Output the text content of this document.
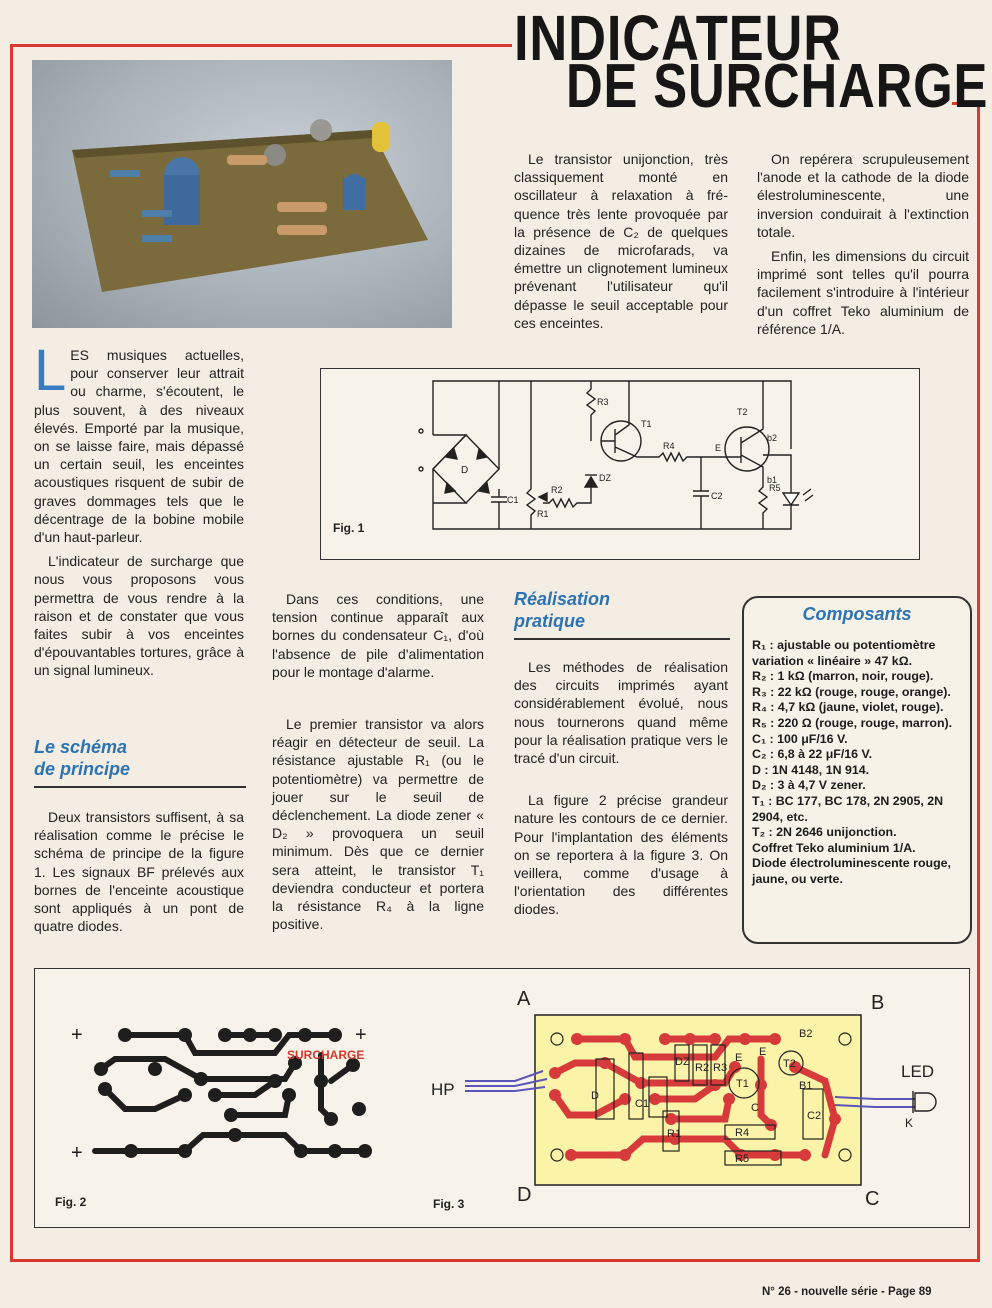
INDICATEUR
DE SURCHARGE
L ES musiques actuelles, pour conserver leur attrait ou charme, s'écoutent, le plus souvent, à des niveaux élevés. Emporté par la musique, on se laisse faire, mais dépassé un certain seuil, les enceintes acoustiques risquent de subir de graves dommages tels que le décentrage de la bobine mobile d'un haut-parleur.

L'indicateur de surcharge que nous vous proposons vous permettra de vous rendre à la raison et de constater que vous faites subir à vos enceintes d'épouvantables tortures, grâce à un signal lumineux.

Le schéma
de principe

Deux transistors suffisent, à sa réalisation comme le précise le schéma de principe de la figure 1. Les signaux BF prélevés aux bornes de l'enceinte acoustique sont appliqués à un pont de quatre diodes.

Le transistor unijonction, très classiquement monté en oscillateur à relaxation à fréquence très lente provoquée par la présence de C₂ de quelques dizaines de microfarads, va émettre un clignotement lumineux prévenant l'utilisateur qu'il dépasse le seuil acceptable pour ces enceintes.

On repérera scrupuleusement l'anode et la cathode de la diode élestroluminescente, une inversion conduirait à l'extinction totale.

Enfin, les dimensions du circuit imprimé sont telles qu'il pourra facilement s'introduire à l'intérieur d'un coffret Teko aluminium de référence 1/A.

D
C1
R1
R2
R3
DZ
T1
R4	E
T2
b2
b1
C2
R5
Fig. 1

Dans ces conditions, une tension continue apparaît aux bornes du condensateur C₁, d'où l'absence de pile d'alimentation pour le montage d'alarme.

Le premier transistor va alors réagir en détecteur de seuil. La résistance ajustable R₁ (ou le potentiomètre) va permettre de jouer sur le seuil de déclenchement. La diode zener « D₂ » provoquera un seuil minimum. Dès que ce dernier sera atteint, le transistor T₁ deviendra conducteur et portera la résistance R₄ à la ligne positive.

Réalisation
pratique

Les méthodes de réalisation des circuits imprimés ayant considérablement évolué, nous nous tournerons quand même pour la réalisation pratique vers le tracé d'un circuit.

La figure 2 précise grandeur nature les contours de ce dernier. Pour l'implantation des éléments on se reportera à la figure 3. On veillera, comme d'usage à l'orientation des différentes diodes.

Composants
R₁ : ajustable ou potentiomètre variation « linéaire » 47 kΩ.
R₂ : 1 kΩ (marron, noir, rouge).
R₃ : 22 kΩ (rouge, rouge, orange).
R₄ : 4,7 kΩ (jaune, violet, rouge).
R₅ : 220 Ω (rouge, rouge, marron).
C₁ : 100 μF/16 V.
C₂ : 6,8 à 22 μF/16 V.
D : 1N 4148, 1N 914.
D₂ : 3 à 4,7 V zener.
T₁ : BC 177, BC 178, 2N 2905, 2N 2904, etc.
T₂ : 2N 2646 unijonction.
Coffret Teko aluminium 1/A.
Diode électroluminescente rouge, jaune, ou verte.
+	+
+	+
SURCHARGE
A	B
D	C
D
C1
DZ R2 R3
T1
T2
E E
B2
B1
C
R1	R4
R5
C2
HP
LED
K
Fig. 2	Fig. 3
N° 26 - nouvelle série - Page 89
